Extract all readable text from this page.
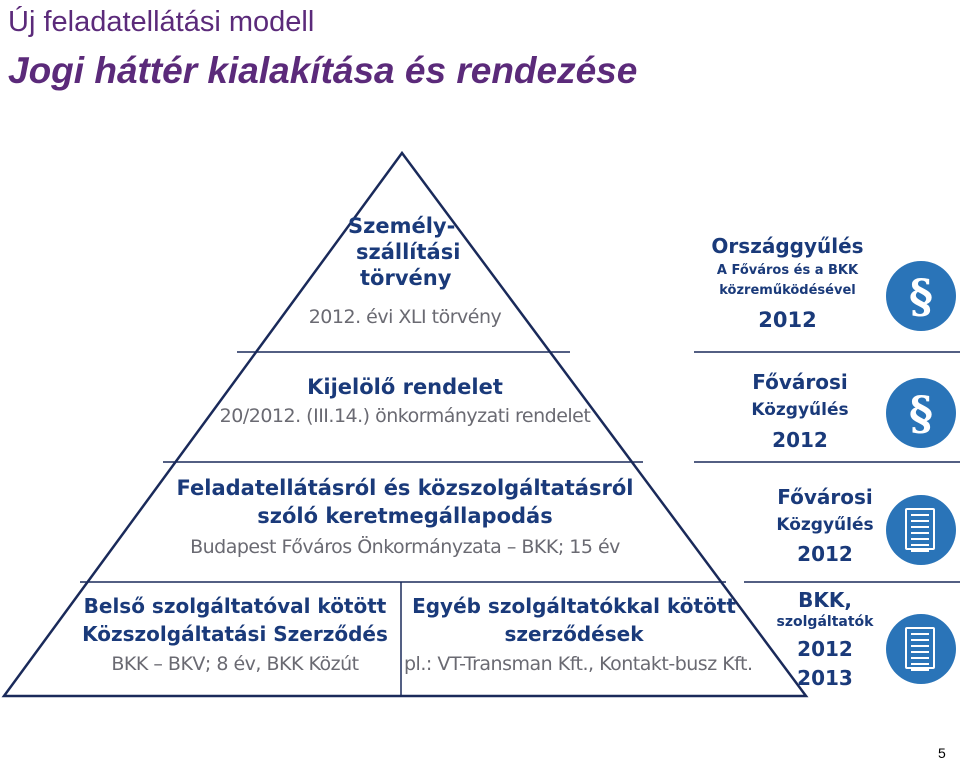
Új feladatellátási modell
Jogi háttér kialakítása és rendezése
Személy-
szállítási
törvény
2012. évi XLI törvény
Kijelölő rendelet
20/2012. (III.14.) önkormányzati rendelet
Feladatellátásról és közszolgáltatásról
szóló keretmegállapodás
Budapest Főváros Önkormányzata – BKK; 15 év
Belső szolgáltatóval kötött
Közszolgáltatási Szerződés
BKK – BKV; 8 év, BKK Közút
Egyéb szolgáltatókkal kötött
szerződések
pl.: VT-Transman Kft., Kontakt-busz Kft.
Országgyűlés
A Főváros és a BKK
közreműködésével
2012	§
Fővárosi
Közgyűlés
2012	§
Fővárosi
Közgyűlés
2012
BKK,
szolgáltatók
2012
2013
5
